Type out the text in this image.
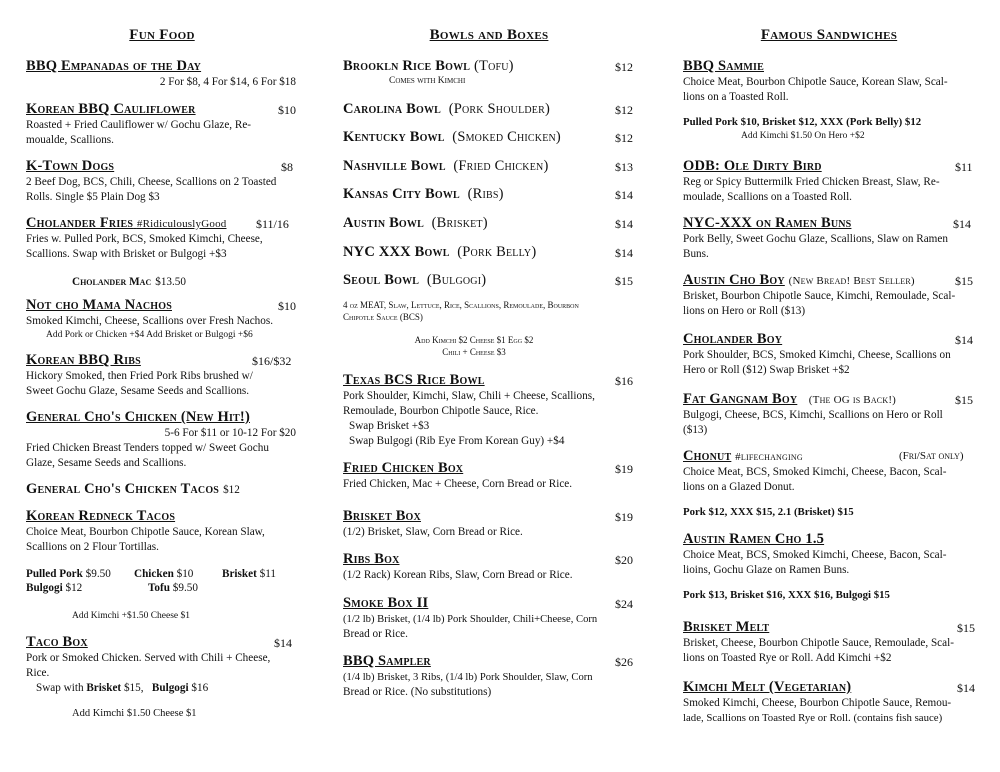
Fun Food
BBQ Empanadas of the Day
2 For $8, 4 For $14, 6 For $18
Korean BBQ Cauliflower	$10
Roasted + Fried Cauliflower w/ Gochu Glaze, Re-
moualde, Scallions.
K-Town Dogs	$8
2 Beef Dog, BCS, Chili, Cheese, Scallions on 2 Toasted
Rolls. Single $5 Plain Dog $3
Cholander Fries #RidiculouslyGood	$11/16
Fries w. Pulled Pork, BCS, Smoked Kimchi, Cheese,
Scallions. Swap with Brisket or Bulgogi +$3
Cholander Mac $13.50
Not cho Mama Nachos	$10
Smoked Kimchi, Cheese, Scallions over Fresh Nachos.
Add Pork or Chicken +$4 Add Brisket or Bulgogi +$6
Korean BBQ Ribs	$16/$32
Hickory Smoked, then Fried Pork Ribs brushed w/
Sweet Gochu Glaze, Sesame Seeds and Scallions.
General Cho's Chicken (New Hit!)
5-6 For $11 or 10-12 For $20
Fried Chicken Breast Tenders topped w/ Sweet Gochu
Glaze, Sesame Seeds and Scallions.
General Cho's Chicken Tacos $12
Korean Redneck Tacos
Choice Meat, Bourbon Chipotle Sauce, Korean Slaw,
Scallions on 2 Flour Tortillas.
Pulled Pork $9.50 Chicken $10	Brisket $11
Bulgogi $12	Tofu $9.50
Add Kimchi +$1.50 Cheese $1
Taco Box	$14
Pork or Smoked Chicken. Served with Chili + Cheese,
Rice.
Swap with Brisket $15, Bulgogi $16
Add Kimchi $1.50 Cheese $1
Bowls and Boxes
Brookln Rice Bowl (Tofu)	$12
Comes with Kimchi
Carolina Bowl (Pork Shoulder)	$12
Kentucky Bowl (Smoked Chicken)	$12
Nashville Bowl (Fried Chicken)	$13
Kansas City Bowl (Ribs)	$14
Austin Bowl (Brisket)	$14
NYC XXX Bowl (Pork Belly)	$14
Seoul Bowl (Bulgogi)	$15
4 oz MEAT, Slaw, Lettuce, Rice, Scallions, Remoulade, Bourbon
Chipotle Sauce (BCS)
Add Kimchi $2 Cheese $1 Egg $2
Chili + Cheese $3
Texas BCS Rice Bowl	$16
Pork Shoulder, Kimchi, Slaw, Chili + Cheese, Scallions,
Remoulade, Bourbon Chipotle Sauce, Rice.
Swap Brisket +$3
Swap Bulgogi (Rib Eye From Korean Guy) +$4
Fried Chicken Box	$19
Fried Chicken, Mac + Cheese, Corn Bread or Rice.
Brisket Box	$19
(1/2) Brisket, Slaw, Corn Bread or Rice.
Ribs Box	$20
(1/2 Rack) Korean Ribs, Slaw, Corn Bread or Rice.
Smoke Box II	$24
(1/2 lb) Brisket, (1/4 lb) Pork Shoulder, Chili+Cheese, Corn
Bread or Rice.
BBQ Sampler	$26
(1/4 lb) Brisket, 3 Ribs, (1/4 lb) Pork Shoulder, Slaw, Corn
Bread or Rice. (No substitutions)
Famous Sandwiches
BBQ Sammie
Choice Meat, Bourbon Chipotle Sauce, Korean Slaw, Scal-
lions on a Toasted Roll.
Pulled Pork $10, Brisket $12, XXX (Pork Belly) $12
Add Kimchi $1.50 On Hero +$2
ODB: Ole Dirty Bird	$11
Reg or Spicy Buttermilk Fried Chicken Breast, Slaw, Re-
moulade, Scallions on a Toasted Roll.
NYC-XXX on Ramen Buns	$14
Pork Belly, Sweet Gochu Glaze, Scallions, Slaw on Ramen
Buns.
Austin Cho Boy (New Bread! Best Seller)	$15
Brisket, Bourbon Chipotle Sauce, Kimchi, Remoulade, Scal-
lions on Hero or Roll ($13)
Cholander Boy	$14
Pork Shoulder, BCS, Smoked Kimchi, Cheese, Scallions on
Hero or Roll ($12) Swap Brisket +$2
Fat Gangnam Boy (The OG is Back!)	$15
Bulgogi, Cheese, BCS, Kimchi, Scallions on Hero or Roll
($13)
Chonut #lifechanging	(Fri/Sat only)
Choice Meat, BCS, Smoked Kimchi, Cheese, Bacon, Scal-
lions on a Glazed Donut.
Pork $12, XXX $15, 2.1 (Brisket) $15
Austin Ramen Cho 1.5
Choice Meat, BCS, Smoked Kimchi, Cheese, Bacon, Scal-
lioins, Gochu Glaze on Ramen Buns.
Pork $13, Brisket $16, XXX $16, Bulgogi $15
Brisket Melt	$15
Brisket, Cheese, Bourbon Chipotle Sauce, Remoulade, Scal-
lions on Toasted Rye or Roll. Add Kimchi +$2
Kimchi Melt (Vegetarian)	$14
Smoked Kimchi, Cheese, Bourbon Chipotle Sauce, Remou-
lade, Scallions on Toasted Rye or Roll. (contains fish sauce)
